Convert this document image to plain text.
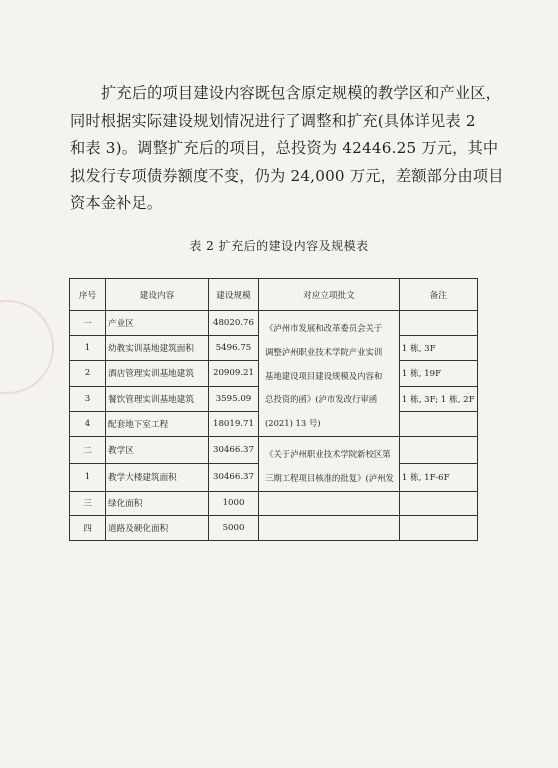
扩充后的项目建设内容既包含原定规模的教学区和产业区，
同时根据实际建设规划情况进行了调整和扩充(具体详见表 2
和表 3)。调整扩充后的项目，总投资为 42446.25 万元，其中
拟发行专项债券额度不变，仍为 24,000 万元，差额部分由项目
资本金补足。
表 2 扩充后的建设内容及规模表
序号	建设内容	建设规模	对应立项批文	备注
一	产业区	48020.76	《泸州市发展和改革委员会关于
调整泸州职业技术学院产业实训
基地建设项目建设规模及内容和
总投资的函》(泸市发改行审函
(2021) 13 号)	

1	幼教实训基地建筑面积	5496.75		1 栋, 3F
2	酒店管理实训基地建筑	20909.21		1 栋, 19F
3	餐饮管理实训基地建筑	3595.09		1 栋, 3F; 1 栋, 2F
4	配套地下室工程	18019.71		
二	教学区	30466.37	《关于泸州职业技术学院新校区第
三期工程项目核准的批复》(泸州发	

1	教学大楼建筑面积	30466.37		1 栋, 1F-6F
三	绿化面积	1000		
四	道路及硬化面积	5000		
